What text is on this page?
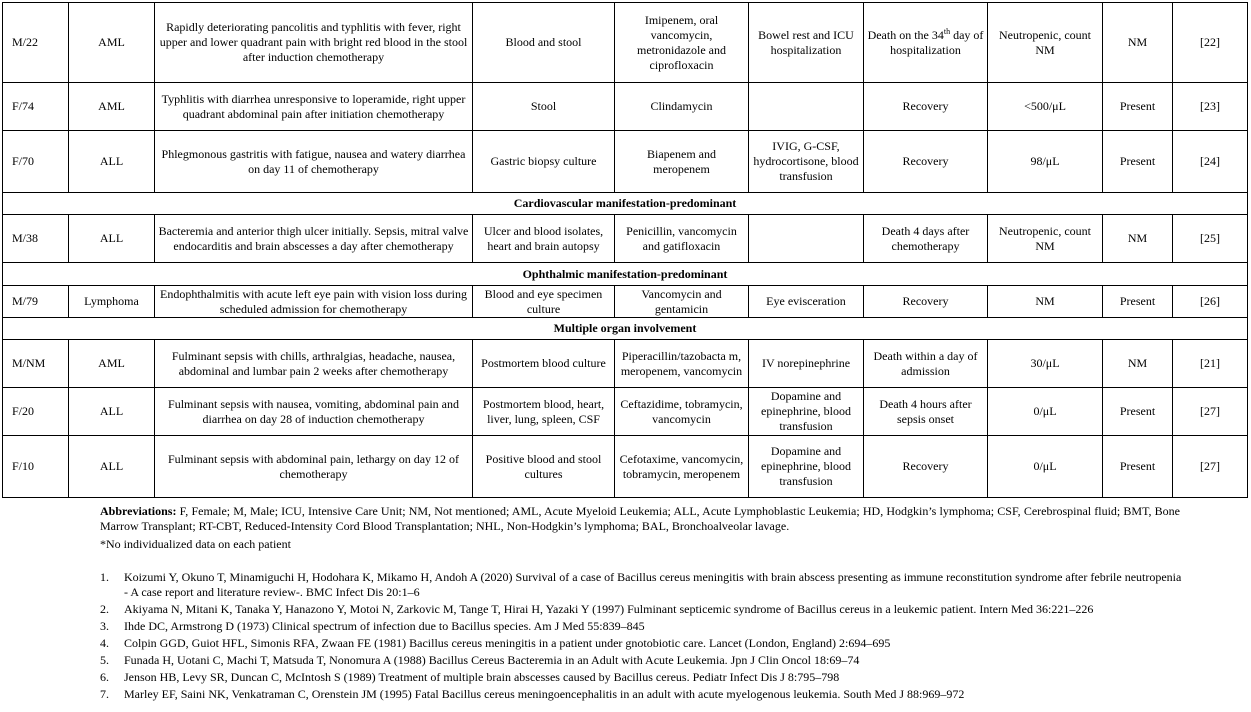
M/22	AML	Rapidly deteriorating pancolitis and typhlitis with fever, right upper and lower quadrant pain with bright red blood in the stool after induction chemotherapy	Blood and stool	Imipenem, oral vancomycin, metronidazole and ciprofloxacin	Bowel rest and ICU hospitalization	Death on the 34th day of hospitalization	Neutropenic, count NM	NM	[22]
F/74	AML	Typhlitis with diarrhea unresponsive to loperamide, right upper quadrant abdominal pain after initiation chemotherapy	Stool	Clindamycin		Recovery	<500/μL	Present	[23]
F/70	ALL	Phlegmonous gastritis with fatigue, nausea and watery diarrhea on day 11 of chemotherapy	Gastric biopsy culture	Biapenem and meropenem	IVIG, G-CSF, hydrocortisone, blood transfusion	Recovery	98/μL	Present	[24]
Cardiovascular manifestation-predominant									
M/38	ALL	Bacteremia and anterior thigh ulcer initially. Sepsis, mitral valve endocarditis and brain abscesses a day after chemotherapy	Ulcer and blood isolates, heart and brain autopsy	Penicillin, vancomycin and gatifloxacin		Death 4 days after chemotherapy	Neutropenic, count NM	NM	[25]
Ophthalmic manifestation-predominant									
M/79	Lymphoma	Endophthalmitis with acute left eye pain with vision loss during scheduled admission for chemotherapy	Blood and eye specimen culture	Vancomycin and gentamicin	Eye evisceration	Recovery	NM	Present	[26]
Multiple organ involvement									
M/NM	AML	Fulminant sepsis with chills, arthralgias, headache, nausea, abdominal and lumbar pain 2 weeks after chemotherapy	Postmortem blood culture	Piperacillin/tazobacta m, meropenem, vancomycin	IV norepinephrine	Death within a day of admission	30/μL	NM	[21]
F/20	ALL	Fulminant sepsis with nausea, vomiting, abdominal pain and diarrhea on day 28 of induction chemotherapy	Postmortem blood, heart, liver, lung, spleen, CSF	Ceftazidime, tobramycin, vancomycin	Dopamine and epinephrine, blood transfusion	Death 4 hours after sepsis onset	0/μL	Present	[27]
F/10	ALL	Fulminant sepsis with abdominal pain, lethargy on day 12 of chemotherapy	Positive blood and stool cultures	Cefotaxime, vancomycin, tobramycin, meropenem	Dopamine and epinephrine, blood transfusion	Recovery	0/μL	Present	[27]
Abbreviations: F, Female; M, Male; ICU, Intensive Care Unit; NM, Not mentioned; AML, Acute Myeloid Leukemia; ALL, Acute Lymphoblastic Leukemia; HD, Hodgkin’s lymphoma; CSF, Cerebrospinal fluid; BMT, Bone Marrow Transplant; RT-CBT, Reduced-Intensity Cord Blood Transplantation; NHL, Non-Hodgkin’s lymphoma; BAL, Bronchoalveolar lavage.
*No individualized data on each patient
1. Koizumi Y, Okuno T, Minamiguchi H, Hodohara K, Mikamo H, Andoh A (2020) Survival of a case of Bacillus cereus meningitis with brain abscess presenting as immune reconstitution syndrome after febrile neutropenia - A case report and literature review-. BMC Infect Dis 20:1–6
2. Akiyama N, Mitani K, Tanaka Y, Hanazono Y, Motoi N, Zarkovic M, Tange T, Hirai H, Yazaki Y (1997) Fulminant septicemic syndrome of Bacillus cereus in a leukemic patient. Intern Med 36:221–226
3. Ihde DC, Armstrong D (1973) Clinical spectrum of infection due to Bacillus species. Am J Med 55:839–845
4. Colpin GGD, Guiot HFL, Simonis RFA, Zwaan FE (1981) Bacillus cereus meningitis in a patient under gnotobiotic care. Lancet (London, England) 2:694–695
5. Funada H, Uotani C, Machi T, Matsuda T, Nonomura A (1988) Bacillus Cereus Bacteremia in an Adult with Acute Leukemia. Jpn J Clin Oncol 18:69–74
6. Jenson HB, Levy SR, Duncan C, McIntosh S (1989) Treatment of multiple brain abscesses caused by Bacillus cereus. Pediatr Infect Dis J 8:795–798
7. Marley EF, Saini NK, Venkatraman C, Orenstein JM (1995) Fatal Bacillus cereus meningoencephalitis in an adult with acute myelogenous leukemia. South Med J 88:969–972
